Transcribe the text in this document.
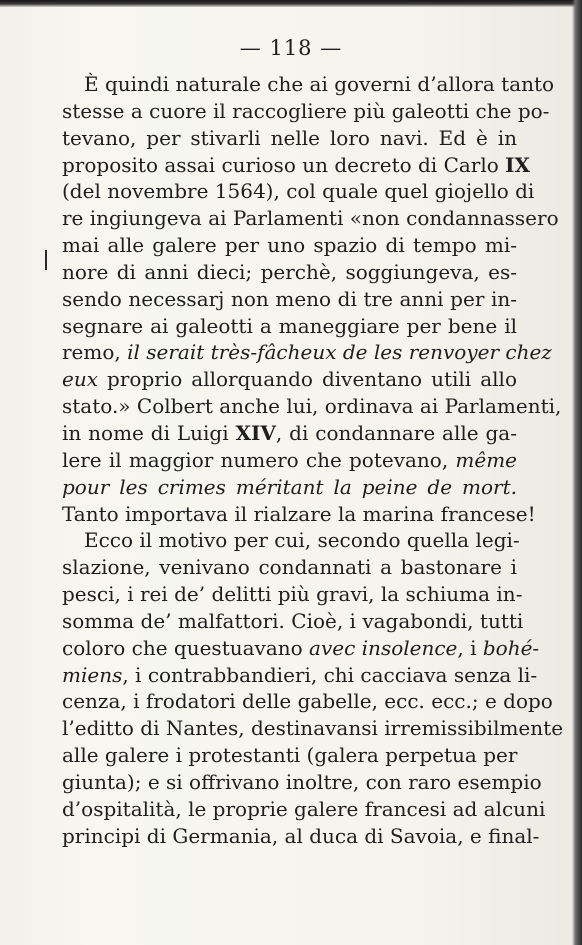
— 118 —
È quindi naturale che ai governi d’allora tanto
stesse a cuore il raccogliere più galeotti che po-
tevano, per stivarli nelle loro navi. Ed è in
proposito assai curioso un decreto di Carlo IX
(del novembre 1564), col quale quel giojello di
re ingiungeva ai Parlamenti «non condannassero
mai alle galere per uno spazio di tempo mi-
nore di anni dieci; perchè, soggiungeva, es-
sendo necessarj non meno di tre anni per in-
segnare ai galeotti a maneggiare per bene il
remo, il serait très-fâcheux de les renvoyer chez
eux proprio allorquando diventano utili allo
stato.» Colbert anche lui, ordinava ai Parlamenti,
in nome di Luigi XIV, di condannare alle ga-
lere il maggior numero che potevano, même
pour les crimes méritant la peine de mort.
Tanto importava il rialzare la marina francese!
Ecco il motivo per cui, secondo quella legi-
slazione, venivano condannati a bastonare i
pesci, i rei de’ delitti più gravi, la schiuma in-
somma de’ malfattori. Cioè, i vagabondi, tutti
coloro che questuavano avec insolence, i bohé-
miens, i contrabbandieri, chi cacciava senza li-
cenza, i frodatori delle gabelle, ecc. ecc.; e dopo
l’editto di Nantes, destinavansi irremissibilmente
alle galere i protestanti (galera perpetua per
giunta); e si offrivano inoltre, con raro esempio
d’ospitalità, le proprie galere francesi ad alcuni
principi di Germania, al duca di Savoia, e final-
